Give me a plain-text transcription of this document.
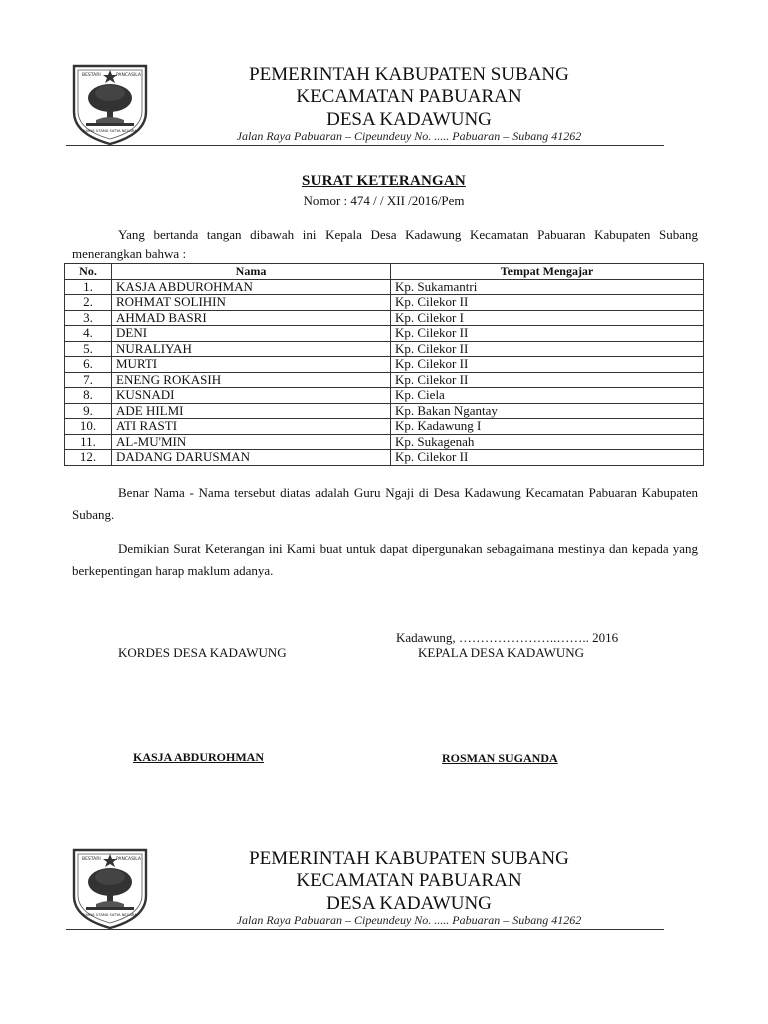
BESTARI	PANCASILA
KARYA UTAMA SATYA NEGARA
PEMERINTAH KABUPATEN SUBANG
KECAMATAN PABUARAN
DESA KADAWUNG
Jalan Raya Pabuaran – Cipeundeuy No. ..... Pabuaran – Subang 41262
SURAT KETERANGAN
Nomor : 474 / / XII /2016/Pem
Yang bertanda tangan dibawah ini Kepala Desa Kadawung Kecamatan Pabuaran Kabupaten Subang menerangkan bahwa :
No.	Nama	Tempat Mengajar
1.	KASJA ABDUROHMAN	Kp. Sukamantri
2.	ROHMAT SOLIHIN	Kp. Cilekor II
3.	AHMAD BASRI	Kp. Cilekor I
4.	DENI	Kp. Cilekor II
5.	NURALIYAH	Kp. Cilekor II
6.	MURTI	Kp. Cilekor II
7.	ENENG ROKASIH	Kp. Cilekor II
8.	KUSNADI	Kp. Ciela
9.	ADE HILMI	Kp. Bakan Ngantay
10.	ATI RASTI	Kp. Kadawung I
11.	AL-MU'MIN	Kp. Sukagenah
12.	DADANG DARUSMAN	Kp. Cilekor II
Benar Nama - Nama tersebut diatas adalah Guru Ngaji di Desa Kadawung Kecamatan Pabuaran Kabupaten Subang.
Demikian Surat Keterangan ini Kami buat untuk dapat dipergunakan sebagaimana mestinya dan kepada yang berkepentingan harap maklum adanya.
Kadawung, …………………..…….. 2016
KORDES DESA KADAWUNG	KEPALA DESA KADAWUNG
KASJA ABDUROHMAN	ROSMAN SUGANDA
BESTARI	PANCASILA
KARYA UTAMA SATYA NEGARA
PEMERINTAH KABUPATEN SUBANG
KECAMATAN PABUARAN
DESA KADAWUNG
Jalan Raya Pabuaran – Cipeundeuy No. ..... Pabuaran – Subang 41262
